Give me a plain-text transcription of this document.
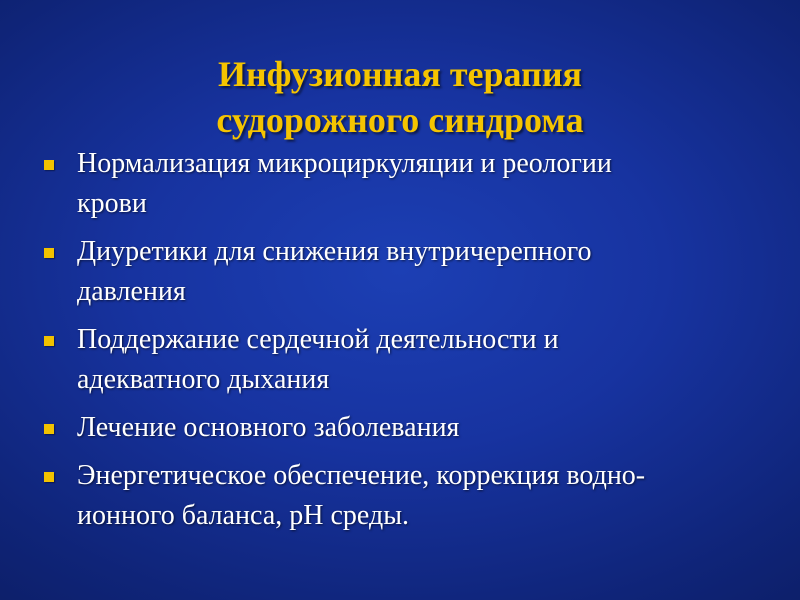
Инфузионная терапия
судорожного синдрома
Нормализация микроциркуляции и реологии
крови
Диуретики для снижения внутричерепного
давления
Поддержание сердечной деятельности и
адекватного дыхания
Лечение основного заболевания
Энергетическое обеспечение, коррекция водно-
ионного баланса, рН среды.
